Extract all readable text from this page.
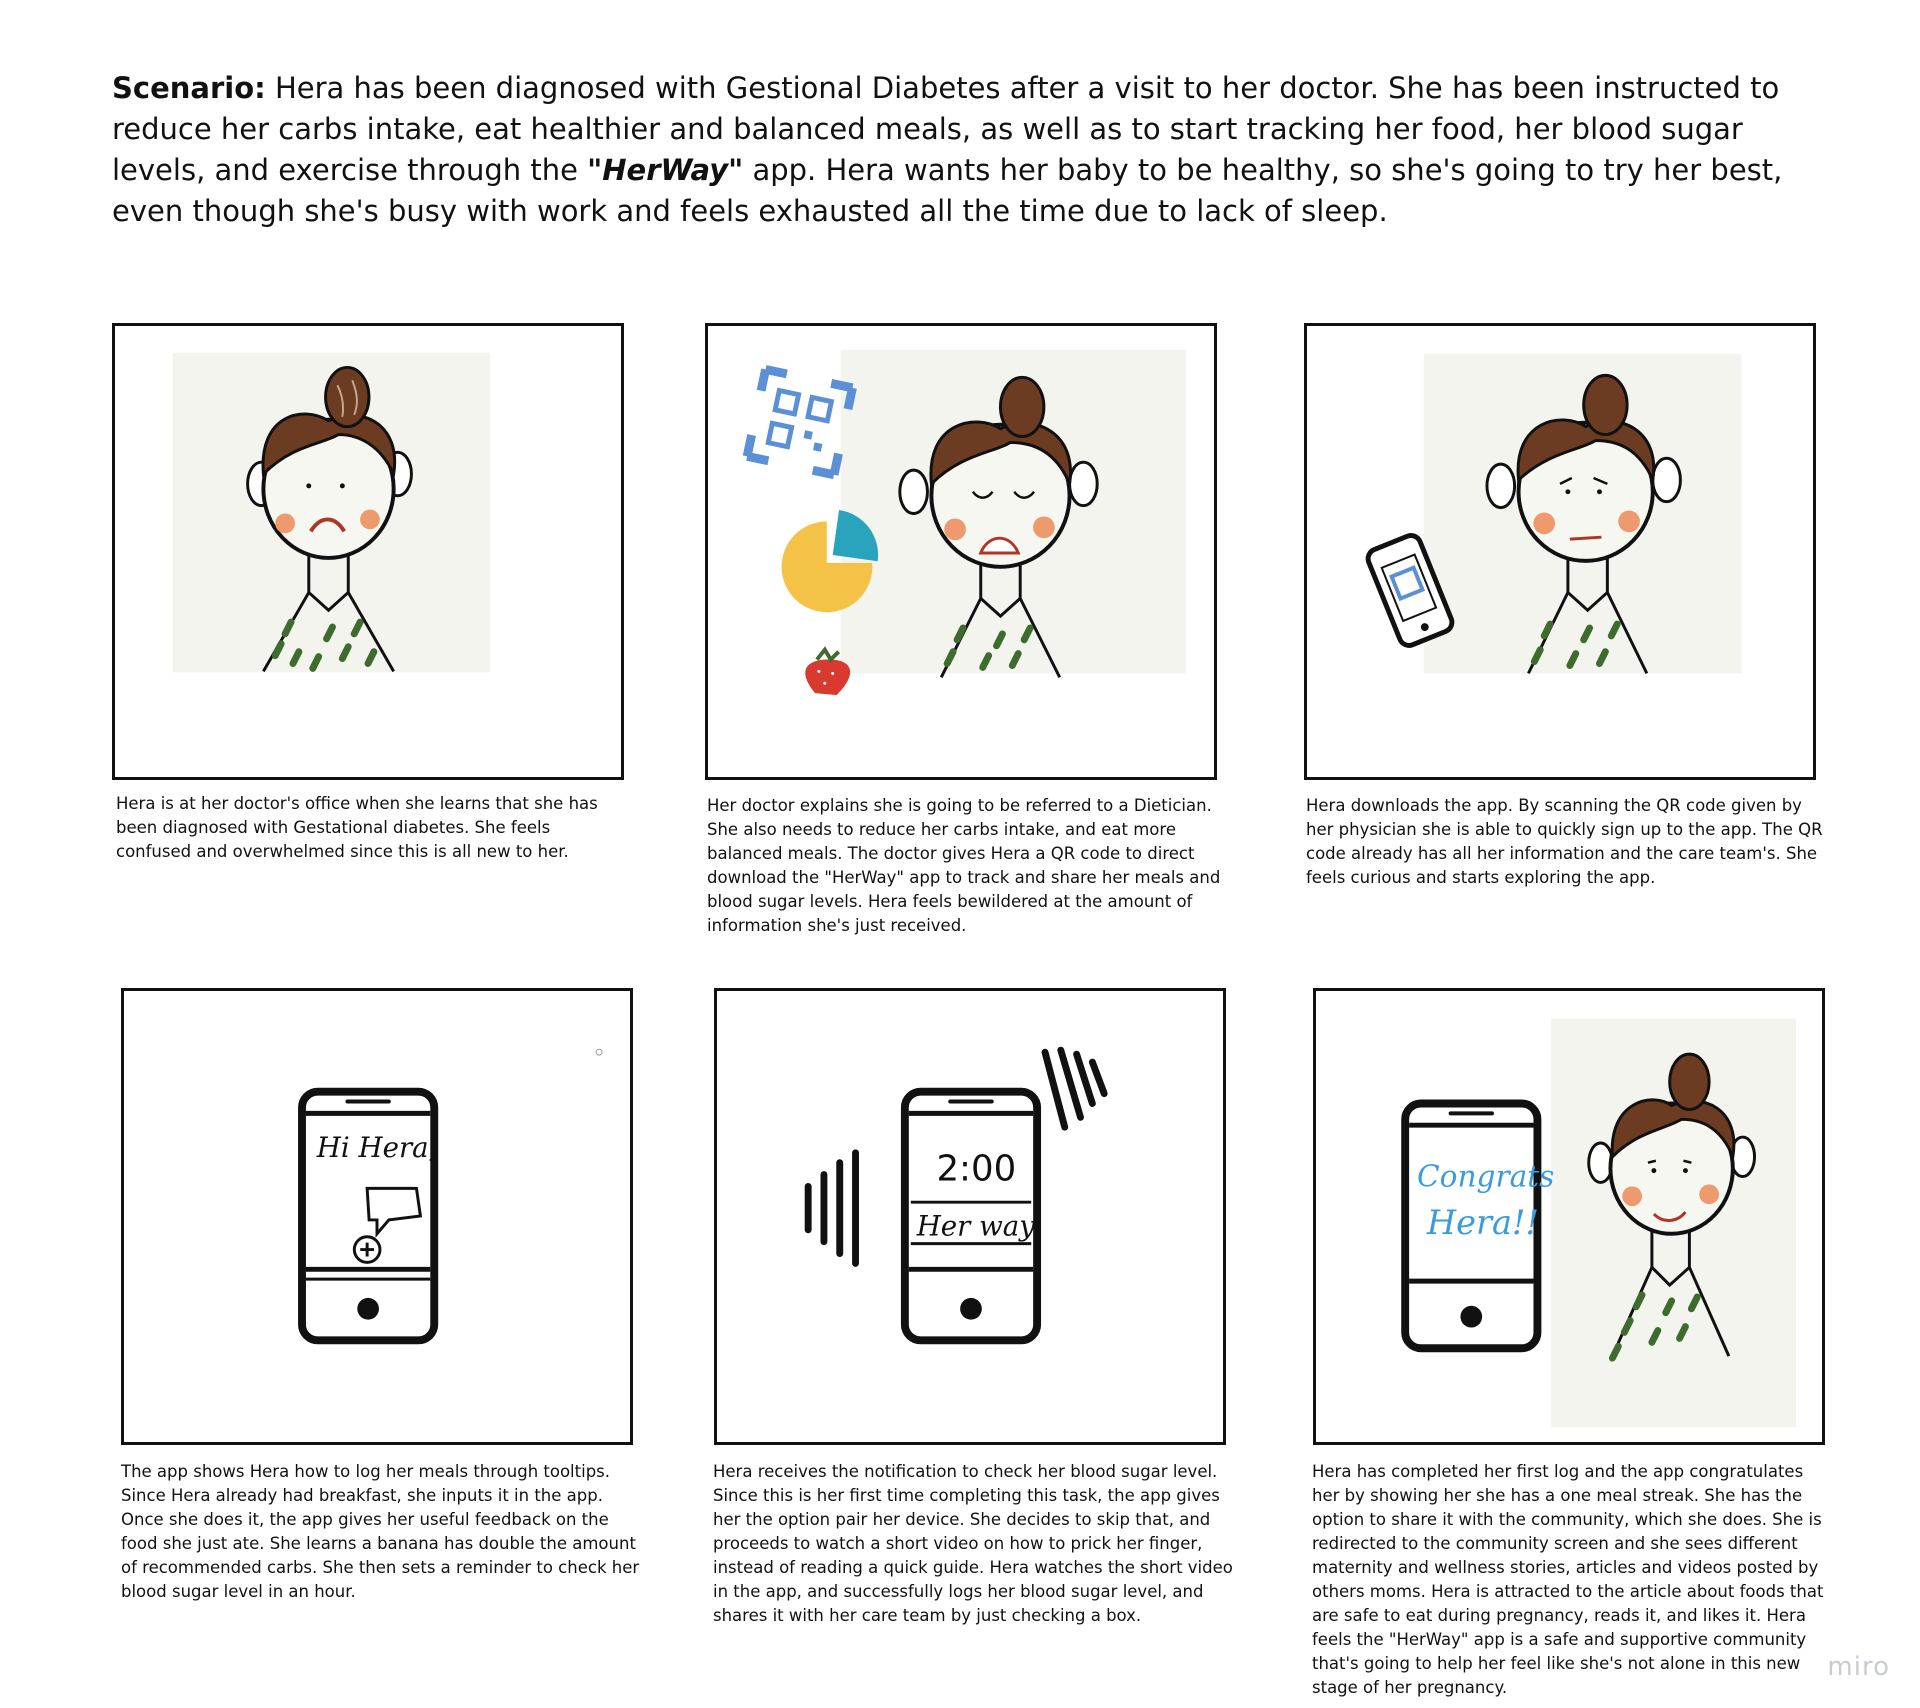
Scenario: Hera has been diagnosed with Gestional Diabetes after a visit to her doctor. She has been instructed to reduce her carbs intake, eat healthier and balanced meals, as well as to start tracking her food, her blood sugar levels, and exercise through the "HerWay" app. Hera wants her baby to be healthy, so she's going to try her best, even though she's busy with work and feels exhausted all the time due to lack of sleep.
Hera is at her doctor's office when she learns that she has been diagnosed with Gestational diabetes. She feels confused and overwhelmed since this is all new to her.
Her doctor explains she is going to be referred to a Dietician. She also needs to reduce her carbs intake, and eat more balanced meals. The doctor gives Hera a QR code to direct download the "HerWay" app to track and share her meals and blood sugar levels. Hera feels bewildered at the amount of information she's just received.
Hera downloads the app. By scanning the QR code given by her physician she is able to quickly sign up to the app. The QR code already has all her information and the care team's. She feels curious and starts exploring the app.
Hi Hera,
The app shows Hera how to log her meals through tooltips. Since Hera already had breakfast, she inputs it in the app. Once she does it, the app gives her useful feedback on the food she just ate. She learns a banana has double the amount of recommended carbs. She then sets a reminder to check her blood sugar level in an hour.
2:00
Her way
Hera receives the notification to check her blood sugar level. Since this is her first time completing this task, the app gives her the option pair her device. She decides to skip that, and proceeds to watch a short video on how to prick her finger, instead of reading a quick guide. Hera watches the short video in the app, and successfully logs her blood sugar level, and shares it with her care team by just checking a box.
Congrats
Hera!!
Hera has completed her first log and the app congratulates her by showing her she has a one meal streak. She has the option to share it with the community, which she does. She is redirected to the community screen and she sees different maternity and wellness stories, articles and videos posted by others moms. Hera is attracted to the article about foods that are safe to eat during pregnancy, reads it, and likes it. Hera feels the "HerWay" app is a safe and supportive community that's going to help her feel like she's not alone in this new stage of her pregnancy.
miro
